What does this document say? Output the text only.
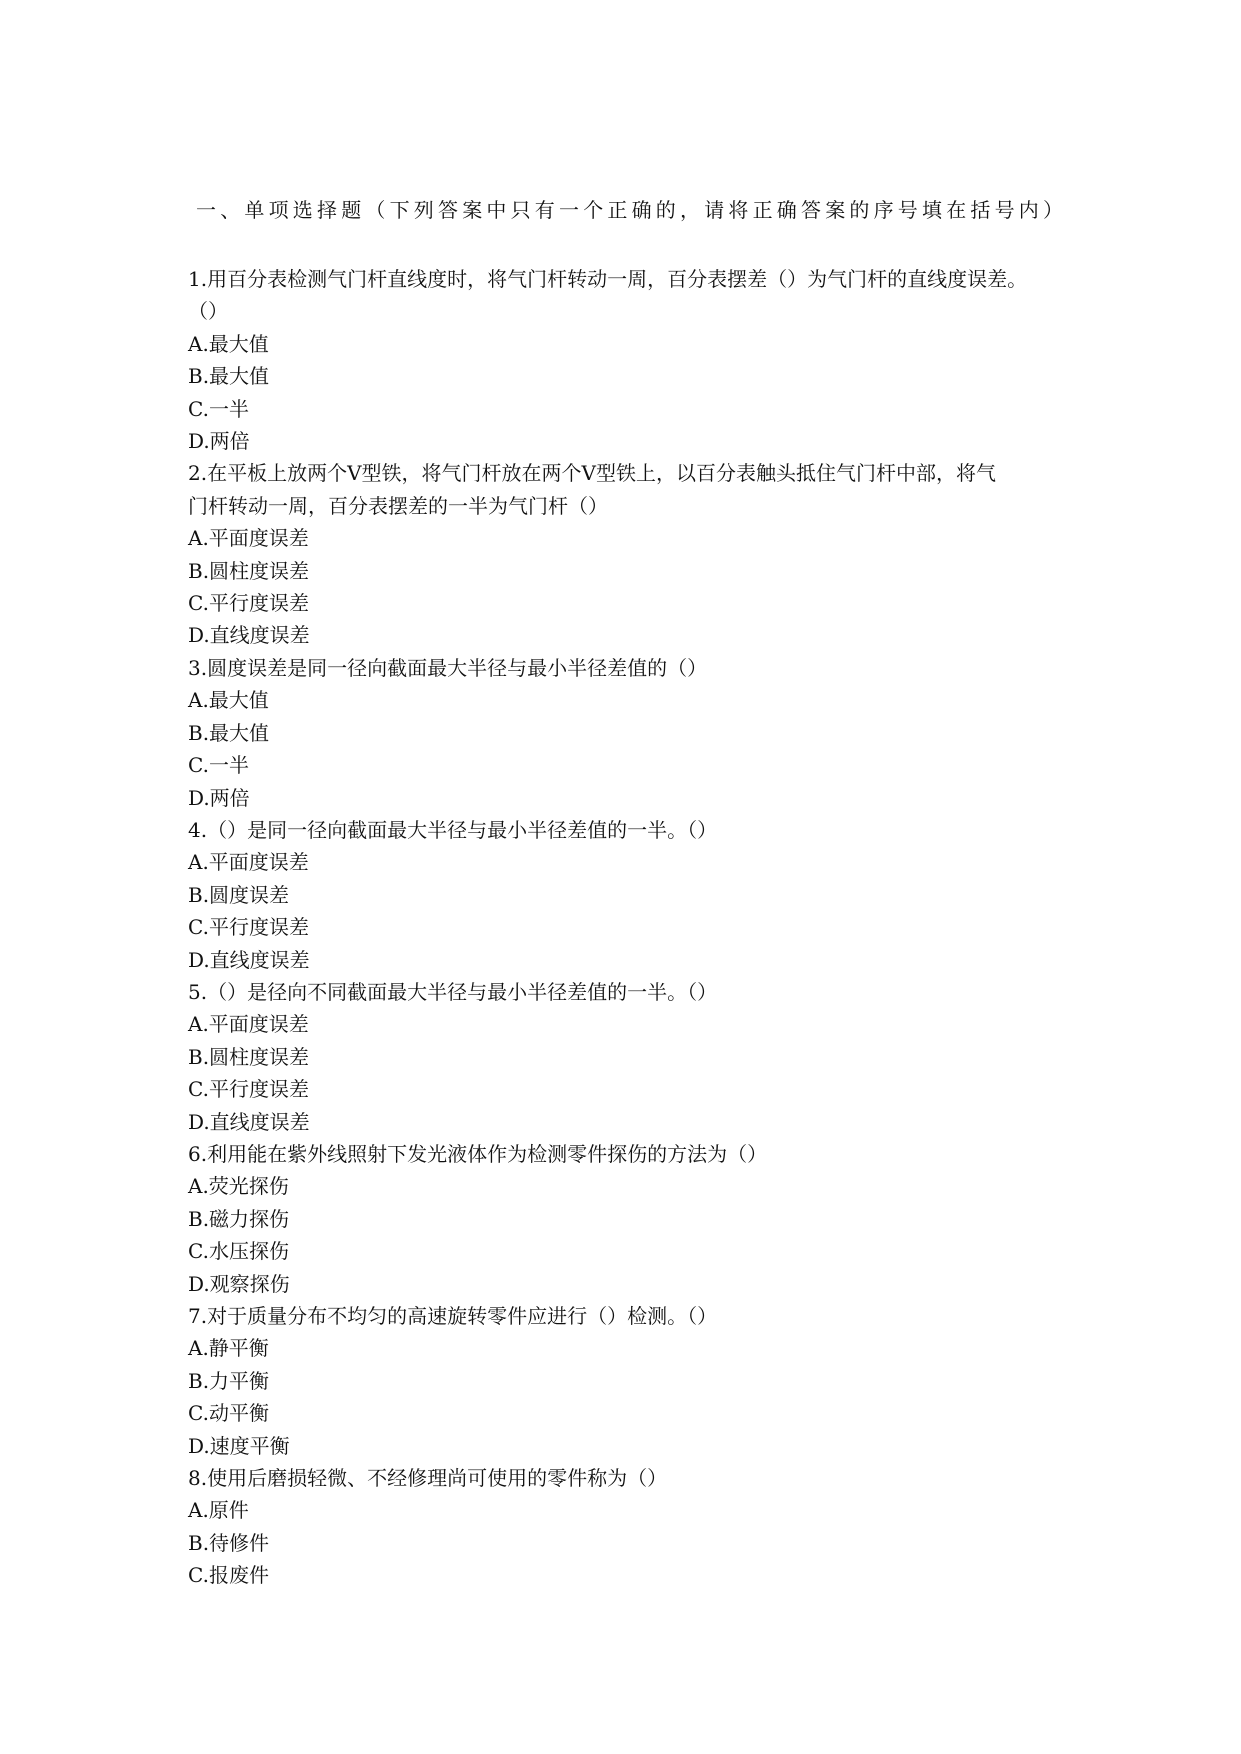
一、单项选择题（下列答案中只有一个正确的，请将正确答案的序号填在括号内）

1.用百分表检测气门杆直线度时，将气门杆转动一周，百分表摆差（）为气门杆的直线度误差。

（）

A.最大值

B.最大值

C.一半

D.两倍

2.在平板上放两个V型铁，将气门杆放在两个V型铁上，以百分表触头抵住气门杆中部，将气

门杆转动一周，百分表摆差的一半为气门杆（）

A.平面度误差

B.圆柱度误差

C.平行度误差

D.直线度误差

3.圆度误差是同一径向截面最大半径与最小半径差值的（）

A.最大值

B.最大值

C.一半

D.两倍

4.（）是同一径向截面最大半径与最小半径差值的一半。（）

A.平面度误差

B.圆度误差

C.平行度误差

D.直线度误差

5.（）是径向不同截面最大半径与最小半径差值的一半。（）

A.平面度误差

B.圆柱度误差

C.平行度误差

D.直线度误差

6.利用能在紫外线照射下发光液体作为检测零件探伤的方法为（）

A.荧光探伤

B.磁力探伤

C.水压探伤

D.观察探伤

7.对于质量分布不均匀的高速旋转零件应进行（）检测。（）

A.静平衡

B.力平衡

C.动平衡

D.速度平衡

8.使用后磨损轻微、不经修理尚可使用的零件称为（）

A.原件

B.待修件

C.报废件
